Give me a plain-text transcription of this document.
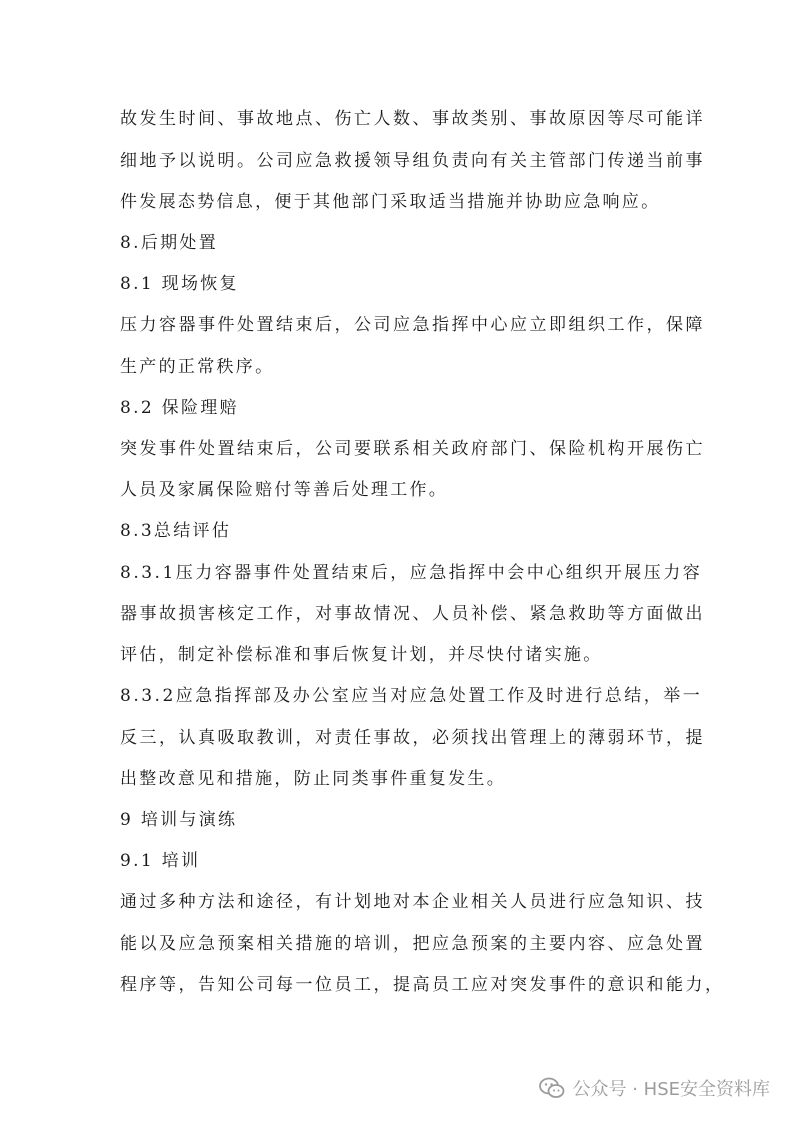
故发生时间、事故地点、伤亡人数、事故类别、事故原因等尽可能详
细地予以说明。公司应急救援领导组负责向有关主管部门传递当前事
件发展态势信息，便于其他部门采取适当措施并协助应急响应。
8.后期处置
8.1 现场恢复
压力容器事件处置结束后，公司应急指挥中心应立即组织工作，保障
生产的正常秩序。
8.2 保险理赔
突发事件处置结束后，公司要联系相关政府部门、保险机构开展伤亡
人员及家属保险赔付等善后处理工作。
8.3总结评估
8.3.1压力容器事件处置结束后，应急指挥中会中心组织开展压力容
器事故损害核定工作，对事故情况、人员补偿、紧急救助等方面做出
评估，制定补偿标准和事后恢复计划，并尽快付诸实施。
8.3.2应急指挥部及办公室应当对应急处置工作及时进行总结，举一
反三，认真吸取教训，对责任事故，必须找出管理上的薄弱环节，提
出整改意见和措施，防止同类事件重复发生。
9 培训与演练
9.1 培训
通过多种方法和途径，有计划地对本企业相关人员进行应急知识、技
能以及应急预案相关措施的培训，把应急预案的主要内容、应急处置
程序等，告知公司每一位员工，提高员工应对突发事件的意识和能力，
公众号 · HSE安全资料库
